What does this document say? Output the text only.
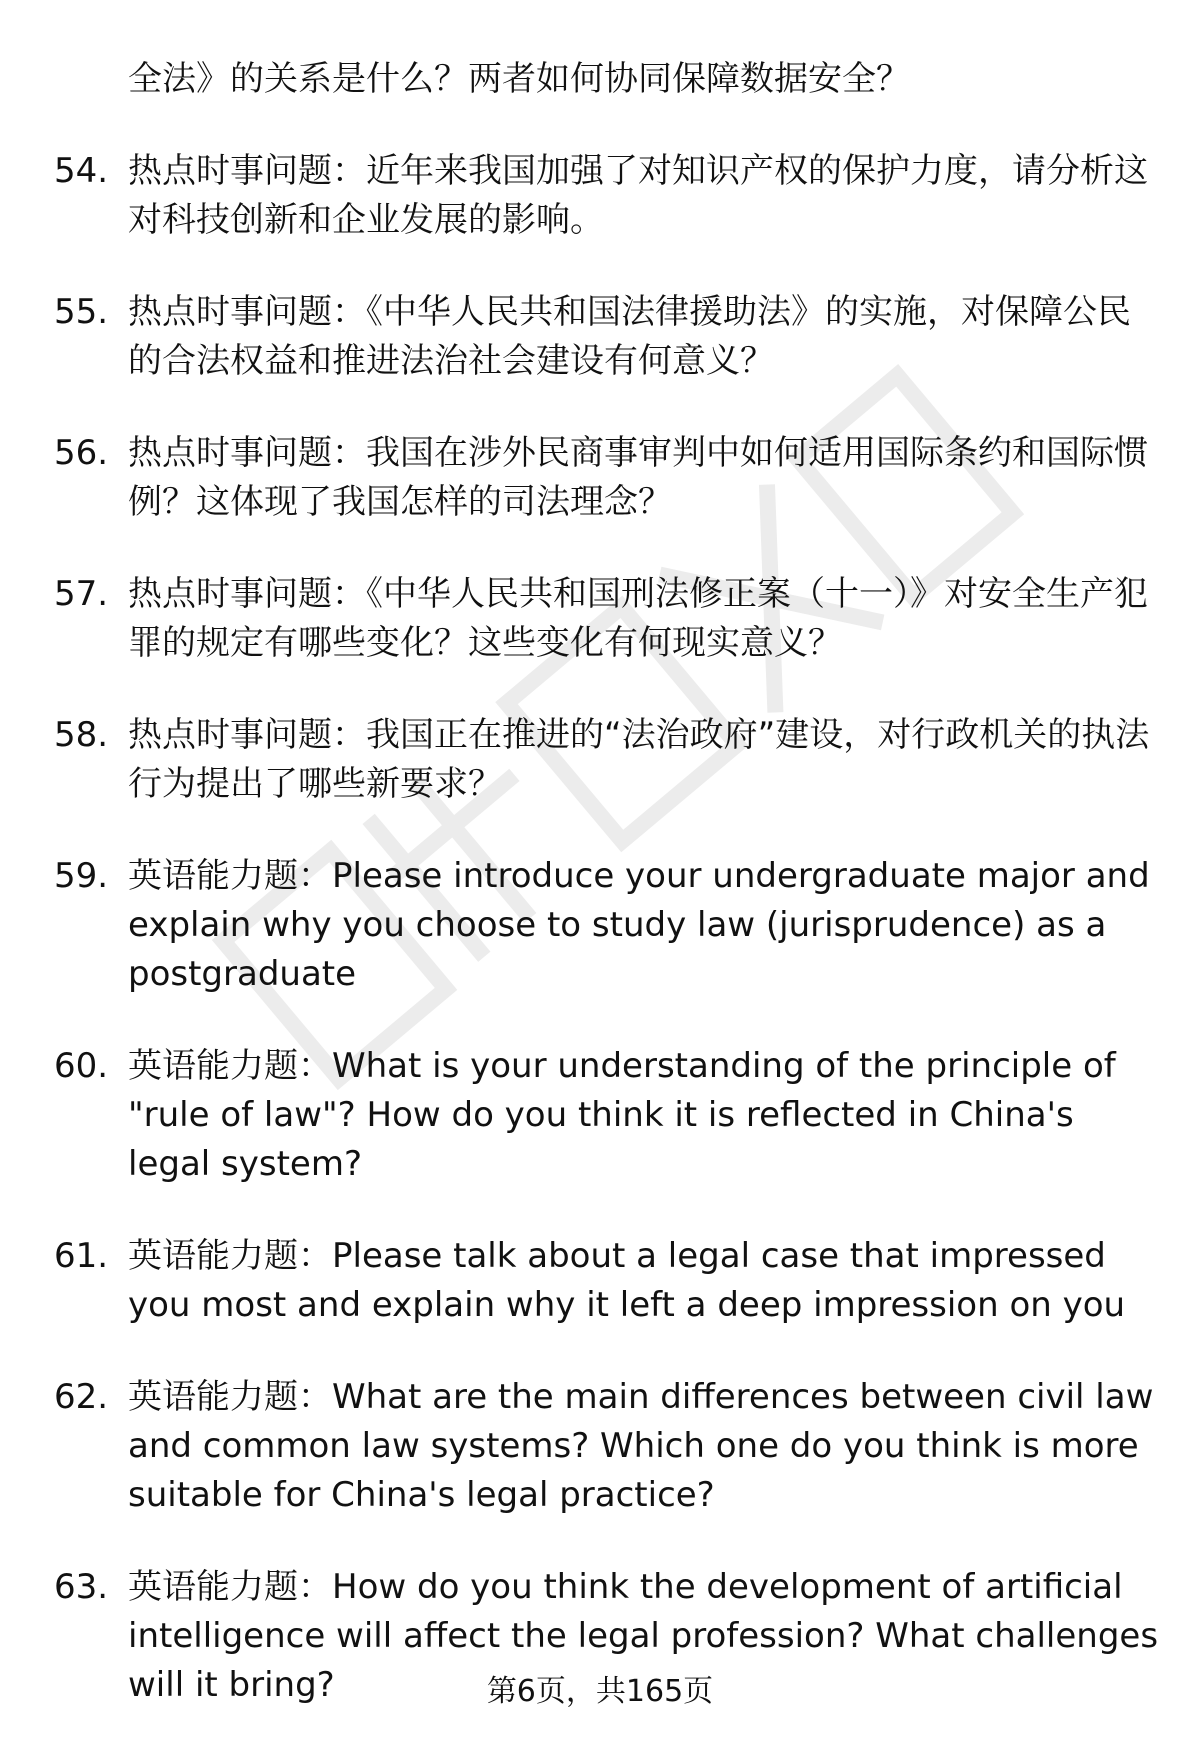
全法》的关系是什么？两者如何协同保障数据安全？
54. 热点时事问题：近年来我国加强了对知识产权的保护力度，请分析这对科技创新和企业发展的影响。
55. 热点时事问题：《中华人民共和国法律援助法》的实施，对保障公民的合法权益和推进法治社会建设有何意义？
56. 热点时事问题：我国在涉外民商事审判中如何适用国际条约和国际惯例？这体现了我国怎样的司法理念？
57. 热点时事问题：《中华人民共和国刑法修正案（十一）》对安全生产犯罪的规定有哪些变化？这些变化有何现实意义？
58. 热点时事问题：我国正在推进的“法治政府”建设，对行政机关的执法行为提出了哪些新要求？
59. 英语能力题：Please introduce your undergraduate major and explain why you choose to study law (jurisprudence) as a postgraduate
60. 英语能力题：What is your understanding of the principle of "rule of law"? How do you think it is reflected in China's legal system?
61. 英语能力题：Please talk about a legal case that impressed you most and explain why it left a deep impression on you
62. 英语能力题：What are the main differences between civil law and common law systems? Which one do you think is more suitable for China's legal practice?
63. 英语能力题：How do you think the development of artificial intelligence will affect the legal profession? What challenges will it bring?	第6页，共165页
